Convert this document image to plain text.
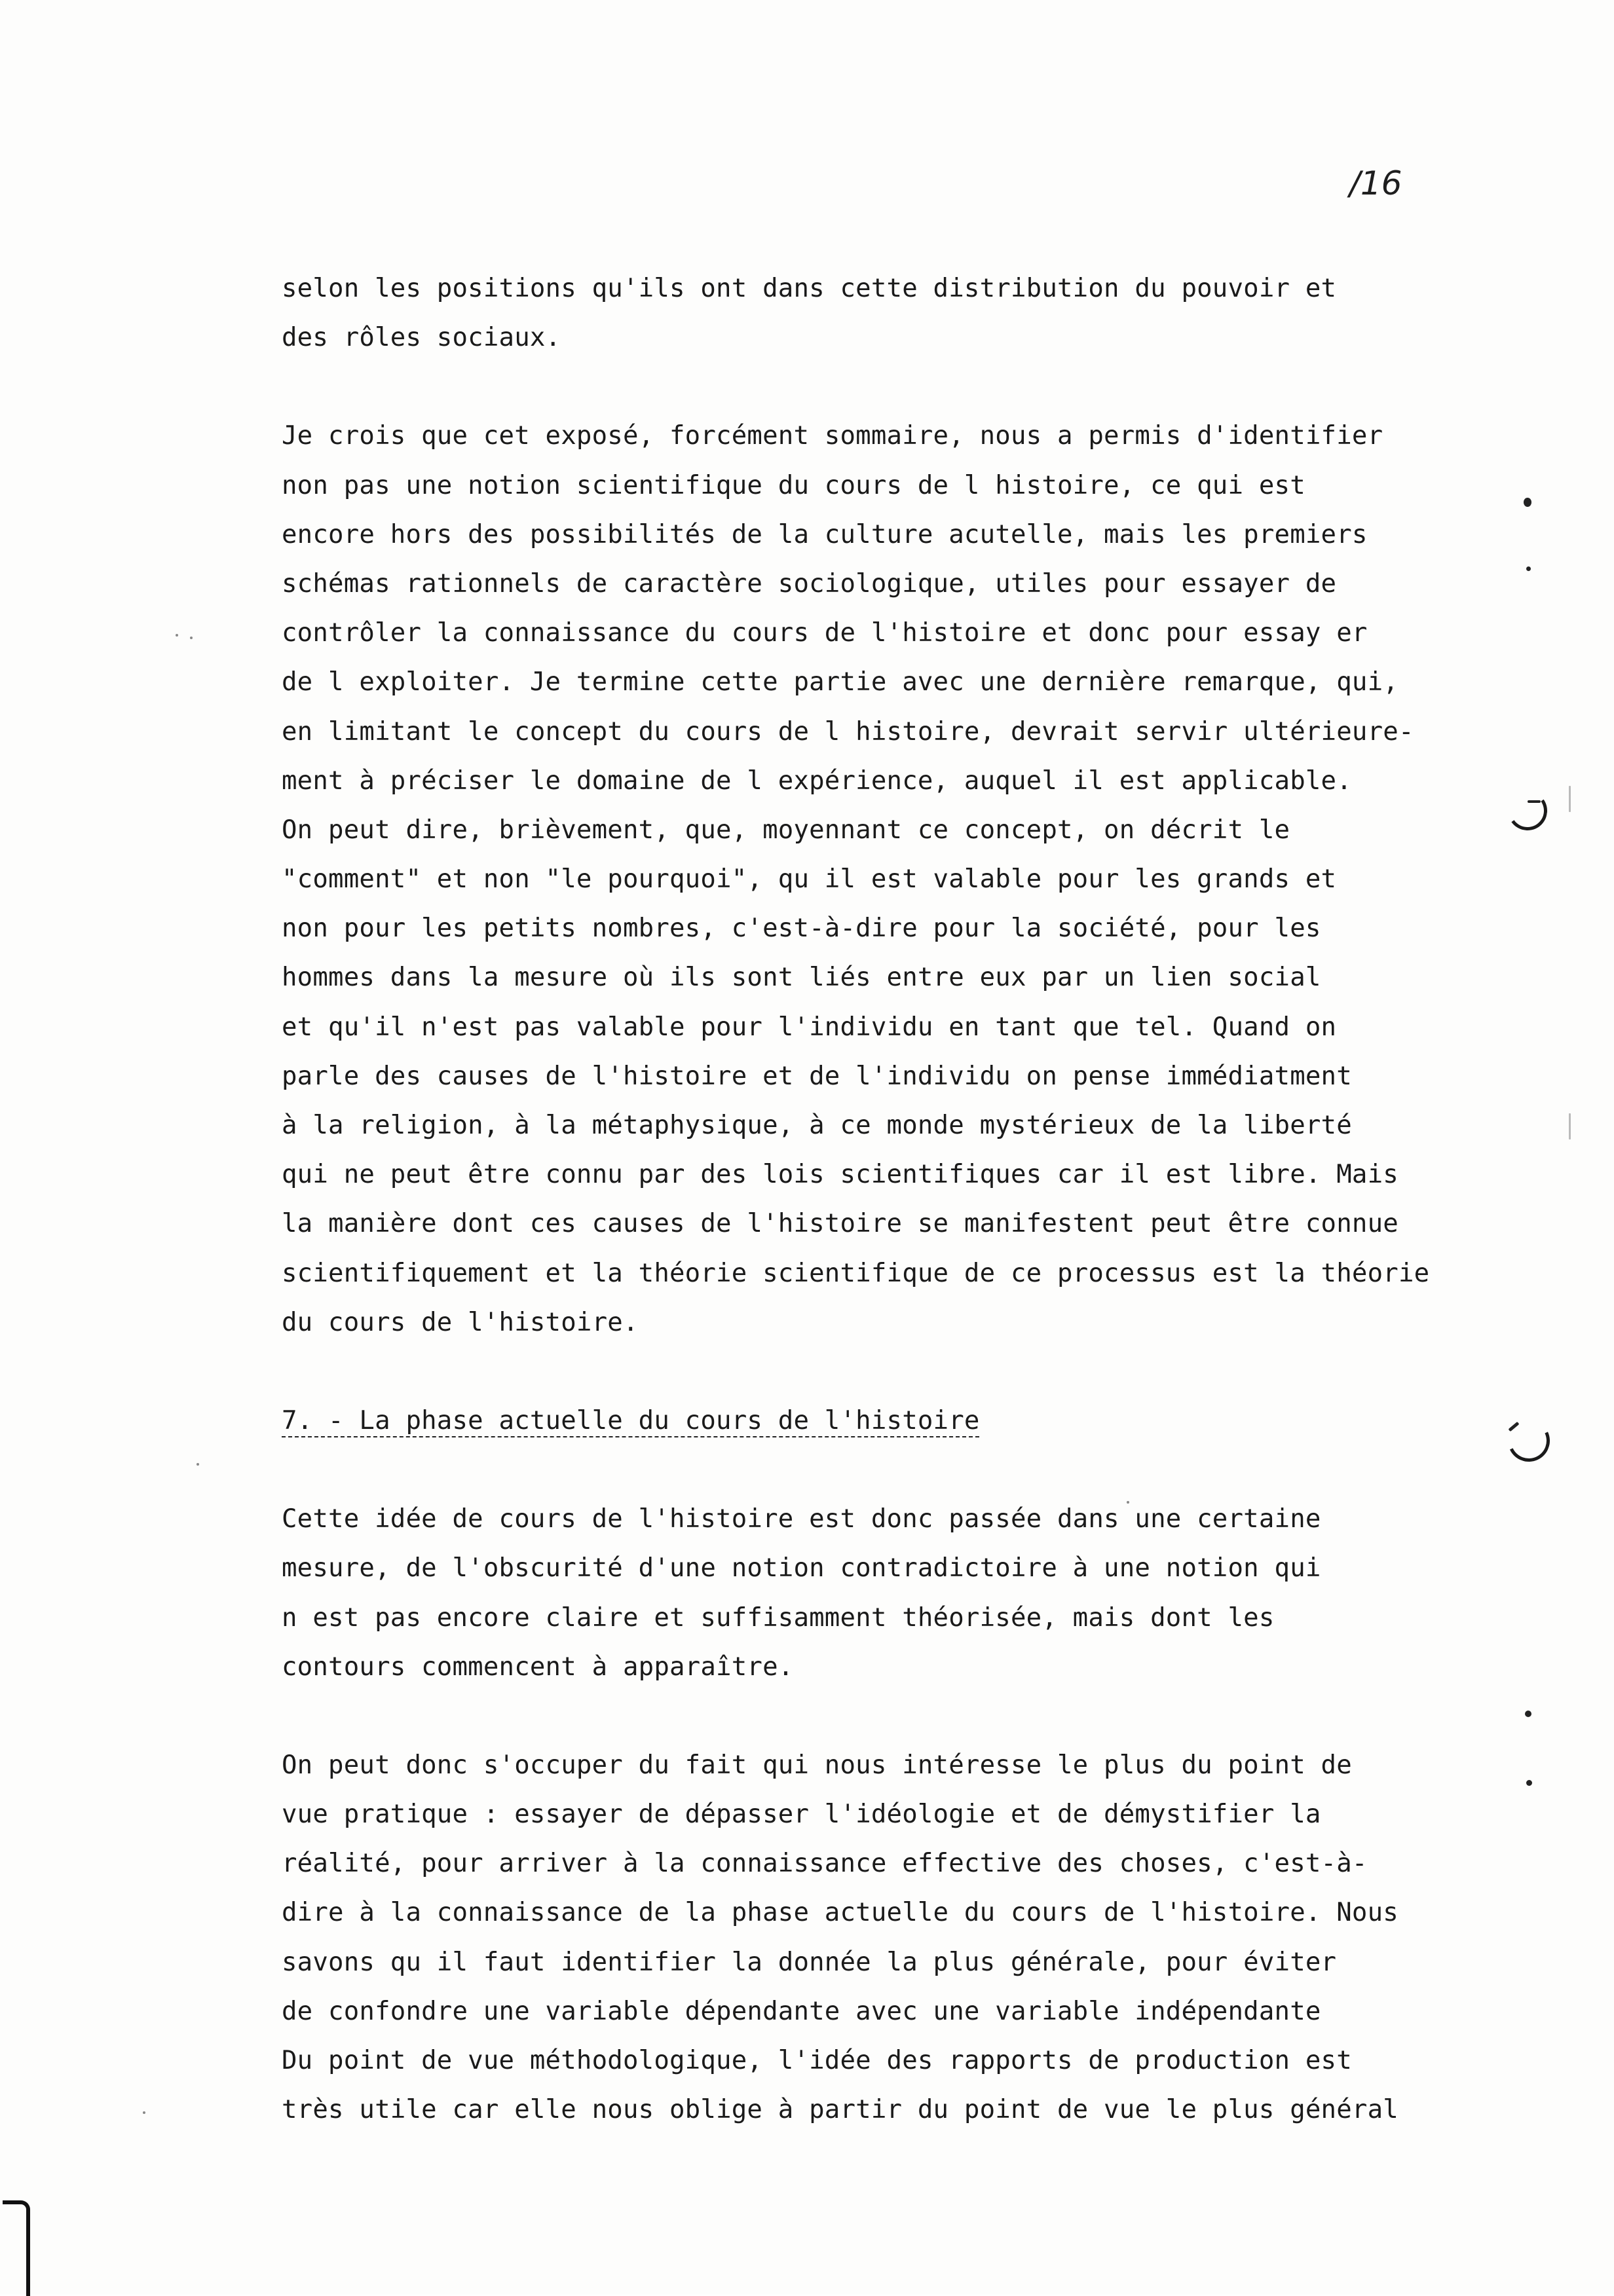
/16
selon les positions qu'ils ont dans cette distribution du pouvoir et
des rôles sociaux.
Je crois que cet exposé, forcément sommaire, nous a permis d'identifier
non pas une notion scientifique du cours de l histoire, ce qui est
encore hors des possibilités de la culture acutelle, mais les premiers
schémas rationnels de caractère sociologique, utiles pour essayer de
contrôler la connaissance du cours de l'histoire et donc pour essay er
de l exploiter. Je termine cette partie avec une dernière remarque, qui,
en limitant le concept du cours de l histoire, devrait servir ultérieure-
ment à préciser le domaine de l expérience, auquel il est applicable.
On peut dire, brièvement, que, moyennant ce concept, on décrit le
"comment" et non "le pourquoi", qu il est valable pour les grands et
non pour les petits nombres, c'est-à-dire pour la société, pour les
hommes dans la mesure où ils sont liés entre eux par un lien social
et qu'il n'est pas valable pour l'individu en tant que tel. Quand on
parle des causes de l'histoire et de l'individu on pense immédiatment
à la religion, à la métaphysique, à ce monde mystérieux de la liberté
qui ne peut être connu par des lois scientifiques car il est libre. Mais
la manière dont ces causes de l'histoire se manifestent peut être connue
scientifiquement et la théorie scientifique de ce processus est la théorie
du cours de l'histoire.
7. - La phase actuelle du cours de l'histoire
Cette idée de cours de l'histoire est donc passée dans une certaine
mesure, de l'obscurité d'une notion contradictoire à une notion qui
n est pas encore claire et suffisamment théorisée, mais dont les
contours commencent à apparaître.
On peut donc s'occuper du fait qui nous intéresse le plus du point de
vue pratique : essayer de dépasser l'idéologie et de démystifier la
réalité, pour arriver à la connaissance effective des choses, c'est-à-
dire à la connaissance de la phase actuelle du cours de l'histoire. Nous
savons qu il faut identifier la donnée la plus générale, pour éviter
de confondre une variable dépendante avec une variable indépendante
Du point de vue méthodologique, l'idée des rapports de production est
très utile car elle nous oblige à partir du point de vue le plus général
